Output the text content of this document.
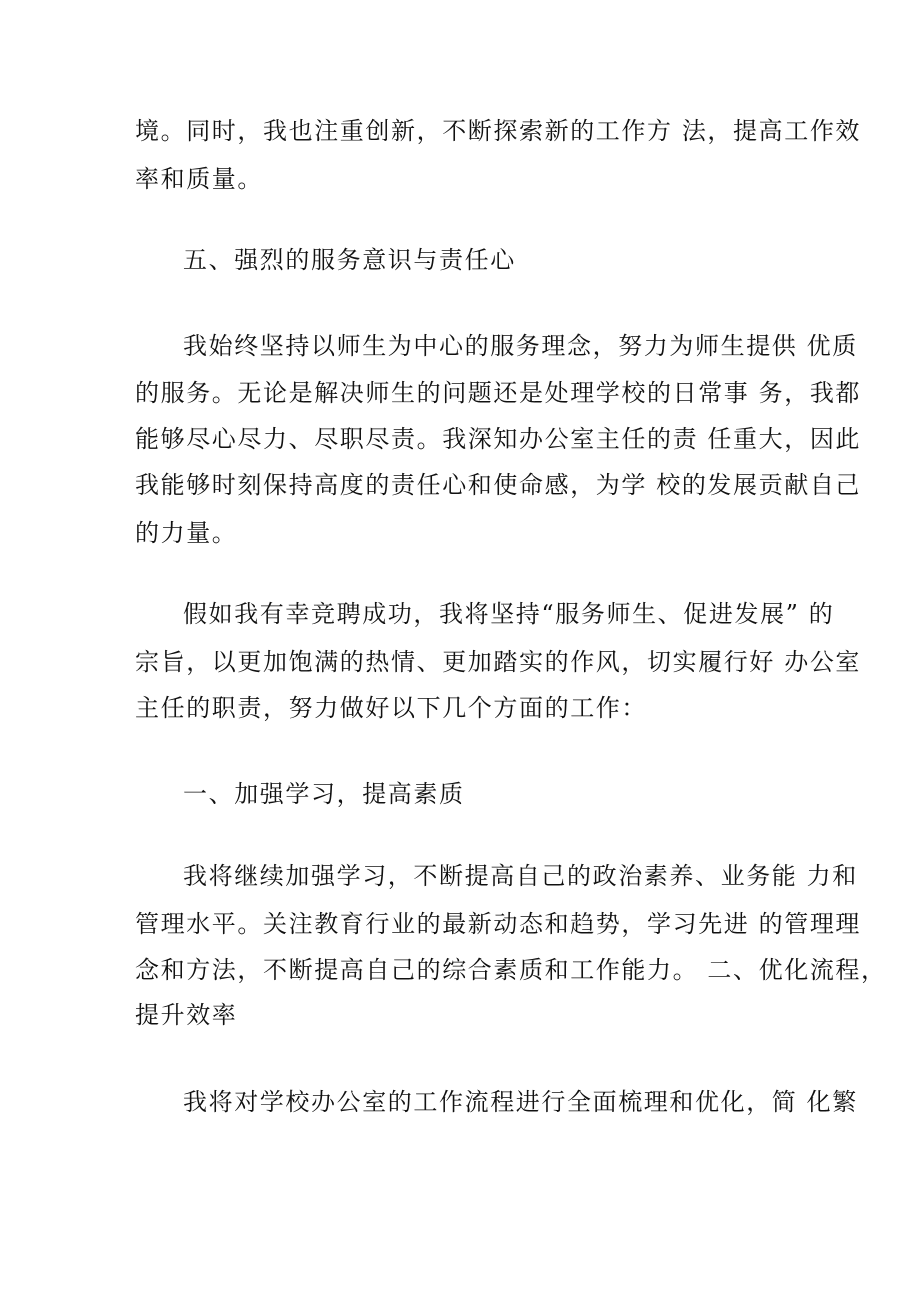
境。同时，我也注重创新，不断探索新的工作方 法，提高工作效
率和质量。
五、强烈的服务意识与责任心
我始终坚持以师生为中心的服务理念，努力为师生提供 优质
的服务。无论是解决师生的问题还是处理学校的日常事 务，我都
能够尽心尽力、尽职尽责。我深知办公室主任的责 任重大，因此
我能够时刻保持高度的责任心和使命感，为学 校的发展贡献自己
的力量。
假如我有幸竞聘成功，我将坚持“服务师生、促进发展” 的
宗旨，以更加饱满的热情、更加踏实的作风，切实履行好 办公室
主任的职责，努力做好以下几个方面的工作：
一、加强学习，提高素质
我将继续加强学习，不断提高自己的政治素养、业务能 力和
管理水平。关注教育行业的最新动态和趋势，学习先进 的管理理
念和方法，不断提高自己的综合素质和工作能力。 二、优化流程，
提升效率
我将对学校办公室的工作流程进行全面梳理和优化，简 化繁
